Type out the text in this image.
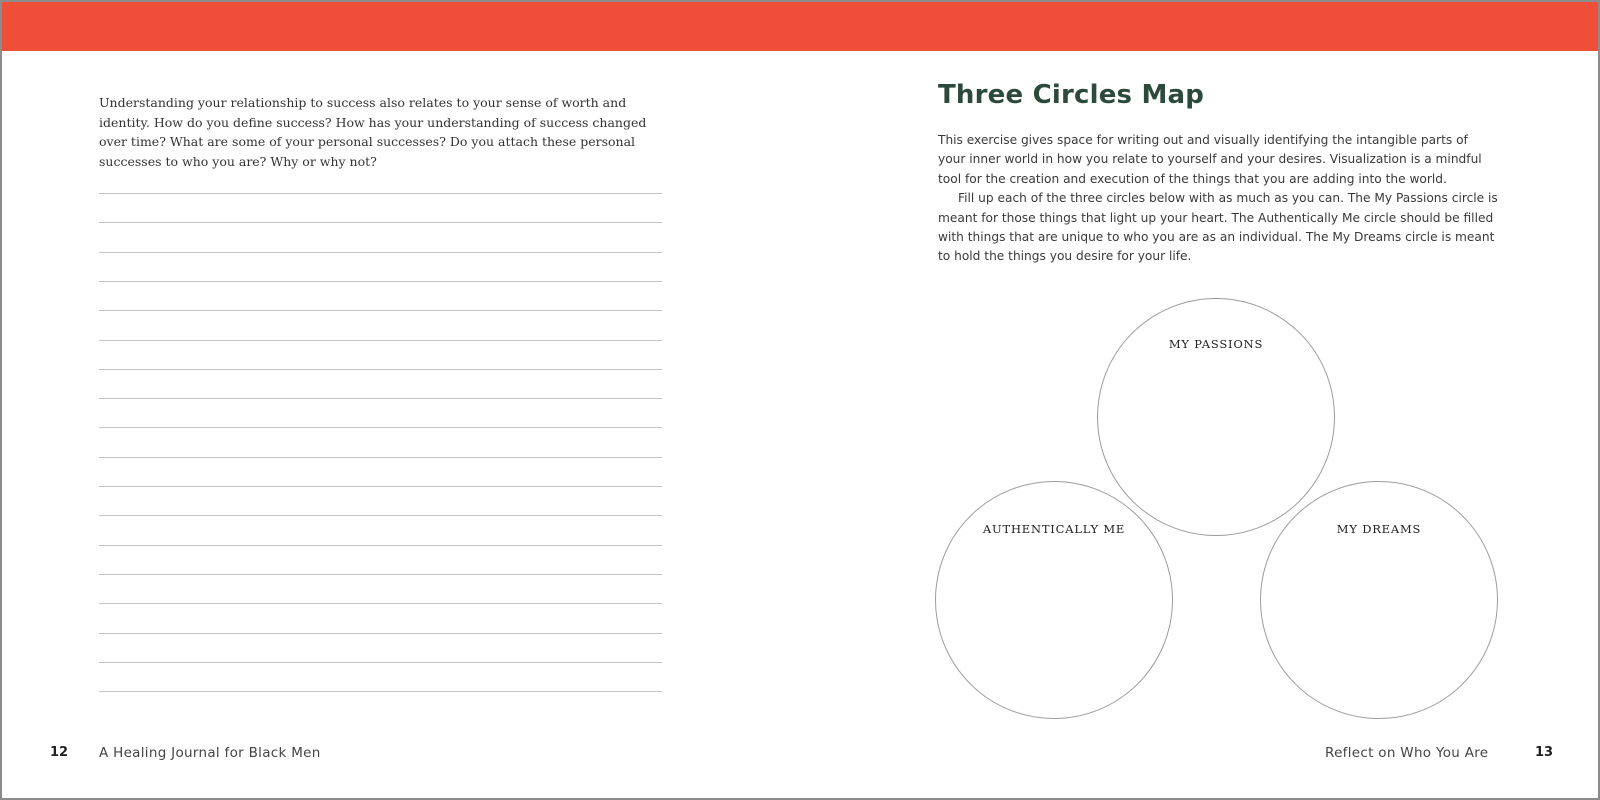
Understanding your relationship to success also relates to your sense of worth and identity. How do you define success? How has your understanding of success changed over time? What are some of your personal successes? Do you attach these personal successes to who you are? Why or why not?

12 A Healing Journal for Black Men
Three Circles Map

This exercise gives space for writing out and visually identifying the intangible parts of your inner world in how you relate to yourself and your desires. Visualization is a mindful tool for the creation and execution of the things that you are adding into the world.

Fill up each of the three circles below with as much as you can. The My Passions circle is meant for those things that light up your heart. The Authentically Me circle should be filled with things that are unique to who you are as an individual. The My Dreams circle is meant to hold the things you desire for your life.

MY PASSIONS
AUTHENTICALLY ME	MY DREAMS
Reflect on Who You Are	13
